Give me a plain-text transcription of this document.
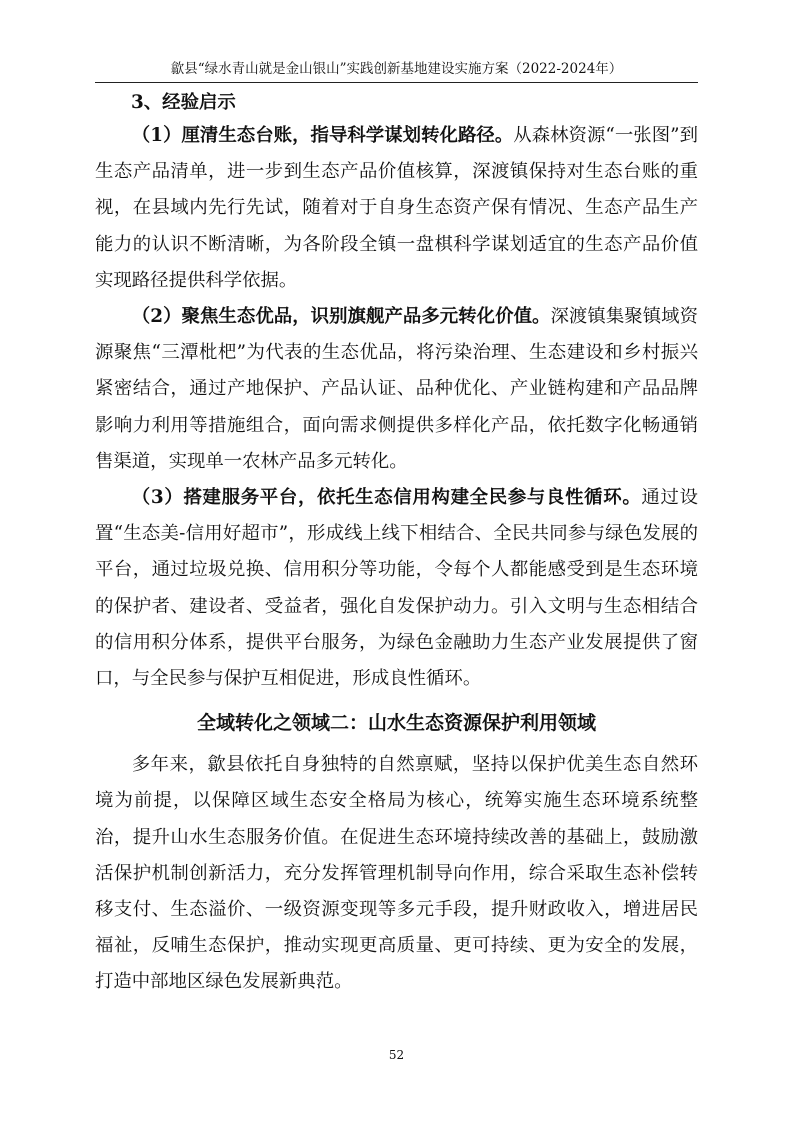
歙县“绿水青山就是金山银山”实践创新基地建设实施方案（2022-2024年）

3、经验启示

（1）厘清生态台账，指导科学谋划转化路径。从森林资源“一张图”到生态产品清单，进一步到生态产品价值核算，深渡镇保持对生态台账的重视，在县域内先行先试，随着对于自身生态资产保有情况、生态产品生产能力的认识不断清晰，为各阶段全镇一盘棋科学谋划适宜的生态产品价值实现路径提供科学依据。

（2）聚焦生态优品，识别旗舰产品多元转化价值。深渡镇集聚镇域资源聚焦“三潭枇杷”为代表的生态优品，将污染治理、生态建设和乡村振兴紧密结合，通过产地保护、产品认证、品种优化、产业链构建和产品品牌影响力利用等措施组合，面向需求侧提供多样化产品，依托数字化畅通销售渠道，实现单一农林产品多元转化。

（3）搭建服务平台，依托生态信用构建全民参与良性循环。通过设置“生态美-信用好超市”，形成线上线下相结合、全民共同参与绿色发展的平台，通过垃圾兑换、信用积分等功能，令每个人都能感受到是生态环境的保护者、建设者、受益者，强化自发保护动力。引入文明与生态相结合的信用积分体系，提供平台服务，为绿色金融助力生态产业发展提供了窗口，与全民参与保护互相促进，形成良性循环。

全域转化之领域二：山水生态资源保护利用领域

多年来，歙县依托自身独特的自然禀赋，坚持以保护优美生态自然环境为前提，以保障区域生态安全格局为核心，统筹实施生态环境系统整治，提升山水生态服务价值。在促进生态环境持续改善的基础上，鼓励激活保护机制创新活力，充分发挥管理机制导向作用，综合采取生态补偿转移支付、生态溢价、一级资源变现等多元手段，提升财政收入，增进居民福祉，反哺生态保护，推动实现更高质量、更可持续、更为安全的发展，打造中部地区绿色发展新典范。

52
